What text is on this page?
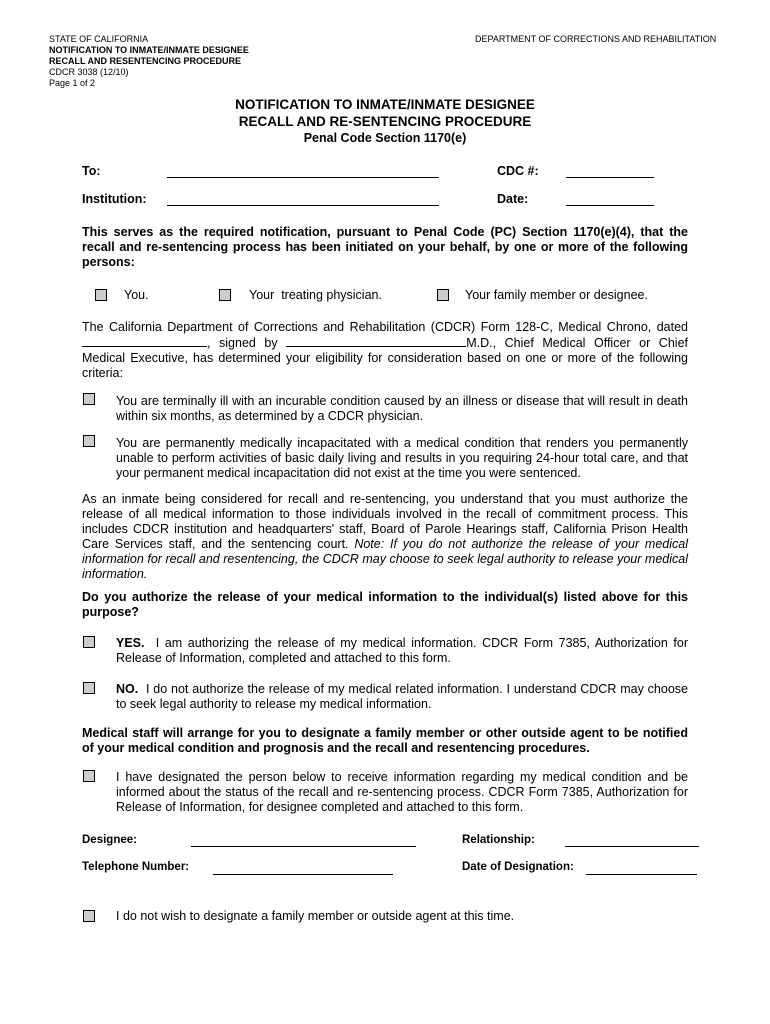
STATE OF CALIFORNIA
NOTIFICATION TO INMATE/INMATE DESIGNEE
RECALL AND RESENTENCING PROCEDURE
CDCR 3038 (12/10)
Page 1 of 2
DEPARTMENT OF CORRECTIONS AND REHABILITATION
NOTIFICATION TO INMATE/INMATE DESIGNEE
RECALL AND RE-SENTENCING PROCEDURE
Penal Code Section 1170(e)
To:	CDC #:
Institution:	Date:
This serves as the required notification, pursuant to Penal Code (PC) Section 1170(e)(4), that the recall and re-sentencing process has been initiated on your behalf, by one or more of the following persons:
You.	Your  treating physician.	Your family member or designee.
The California Department of Corrections and Rehabilitation (CDCR) Form 128-C, Medical Chrono, dated , signed by	M.D., Chief Medical Officer or Chief Medical Executive, has determined your eligibility for consideration based on one or more of the following criteria:
You are terminally ill with an incurable condition caused by an illness or disease that will result in death within six months, as determined by a CDCR physician.
You are permanently medically incapacitated with a medical condition that renders you permanently unable to perform activities of basic daily living and results in you requiring 24-hour total care, and that your permanent medical incapacitation did not exist at the time you were sentenced.
As an inmate being considered for recall and re-sentencing, you understand that you must authorize the release of all medical information to those individuals involved in the recall of commitment process. This includes CDCR institution and headquarters' staff, Board of Parole Hearings staff, California Prison Health Care Services staff, and the sentencing court. Note: If you do not authorize the release of your medical information for recall and resentencing, the CDCR may choose to seek legal authority to release your medical information.
Do you authorize the release of your medical information to the individual(s) listed above for this purpose?
YES. I am authorizing the release of my medical information. CDCR Form 7385, Authorization for Release of Information, completed and attached to this form.
NO. I do not authorize the release of my medical related information. I understand CDCR may choose to seek legal authority to release my medical information.
Medical staff will arrange for you to designate a family member or other outside agent to be notified of your medical condition and prognosis and the recall and resentencing procedures.
I have designated the person below to receive information regarding my medical condition and be informed about the status of the recall and re-sentencing process. CDCR Form 7385, Authorization for Release of Information, for designee completed and attached to this form.
Designee:	Relationship:
Telephone Number:	Date of Designation:
I do not wish to designate a family member or outside agent at this time.
